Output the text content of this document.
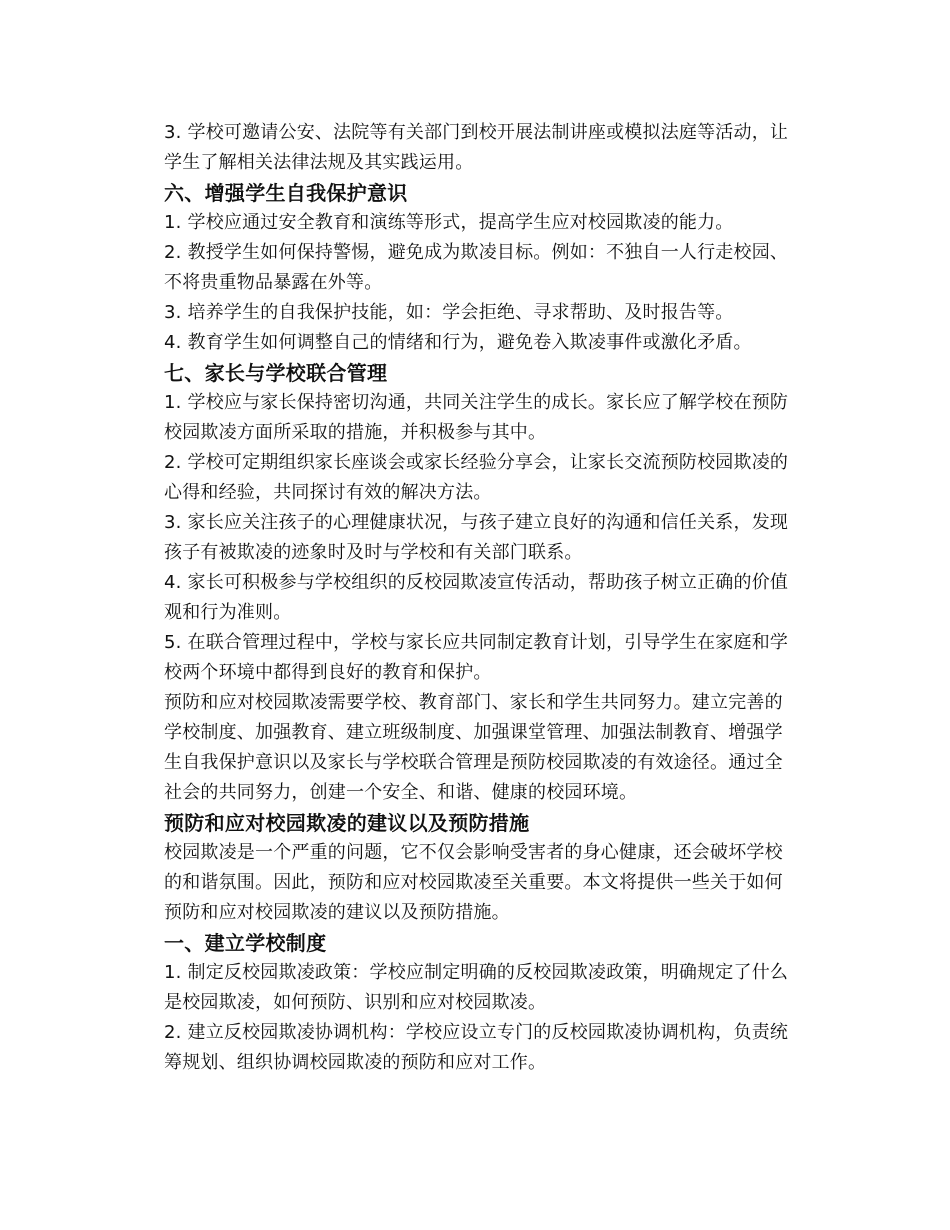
3. 学校可邀请公安、法院等有关部门到校开展法制讲座或模拟法庭等活动，让学生了解相关法律法规及其实践运用。

六、增强学生自我保护意识

1. 学校应通过安全教育和演练等形式，提高学生应对校园欺凌的能力。

2. 教授学生如何保持警惕，避免成为欺凌目标。例如：不独自一人行走校园、不将贵重物品暴露在外等。

3. 培养学生的自我保护技能，如：学会拒绝、寻求帮助、及时报告等。

4. 教育学生如何调整自己的情绪和行为，避免卷入欺凌事件或激化矛盾。

七、家长与学校联合管理

1. 学校应与家长保持密切沟通，共同关注学生的成长。家长应了解学校在预防校园欺凌方面所采取的措施，并积极参与其中。

2. 学校可定期组织家长座谈会或家长经验分享会，让家长交流预防校园欺凌的心得和经验，共同探讨有效的解决方法。

3. 家长应关注孩子的心理健康状况，与孩子建立良好的沟通和信任关系，发现孩子有被欺凌的迹象时及时与学校和有关部门联系。

4. 家长可积极参与学校组织的反校园欺凌宣传活动，帮助孩子树立正确的价值观和行为准则。

5. 在联合管理过程中，学校与家长应共同制定教育计划，引导学生在家庭和学校两个环境中都得到良好的教育和保护。

预防和应对校园欺凌需要学校、教育部门、家长和学生共同努力。建立完善的学校制度、加强教育、建立班级制度、加强课堂管理、加强法制教育、增强学生自我保护意识以及家长与学校联合管理是预防校园欺凌的有效途径。通过全社会的共同努力，创建一个安全、和谐、健康的校园环境。

预防和应对校园欺凌的建议以及预防措施

校园欺凌是一个严重的问题，它不仅会影响受害者的身心健康，还会破坏学校的和谐氛围。因此，预防和应对校园欺凌至关重要。本文将提供一些关于如何预防和应对校园欺凌的建议以及预防措施。

一、建立学校制度

1. 制定反校园欺凌政策：学校应制定明确的反校园欺凌政策，明确规定了什么是校园欺凌，如何预防、识别和应对校园欺凌。

2. 建立反校园欺凌协调机构：学校应设立专门的反校园欺凌协调机构，负责统筹规划、组织协调校园欺凌的预防和应对工作。
